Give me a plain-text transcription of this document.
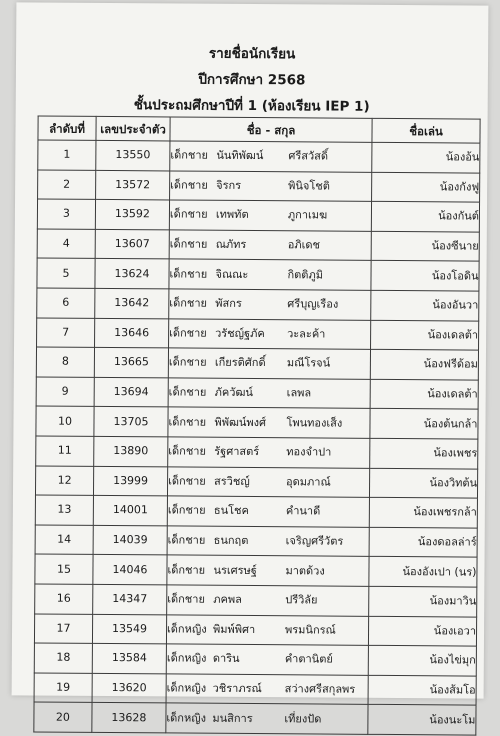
รายชื่อนักเรียน
ปีการศึกษา 2568
ชั้นประถมศึกษาปีที่ 1 (ห้องเรียน IEP 1)
ลำดับที่	เลขประจำตัว	ชื่อ - สกุล	ชื่อเล่น
1	13550	เด็กชาย นันทิพัฒน์ ศรีสวัสดิ์	น้องอ้น
2	13572	เด็กชาย จิรกร พินิจโชติ	น้องกังฟู
3	13592	เด็กชาย เทพทัต ภูกาเมฆ	น้องกันต์
4	13607	เด็กชาย ณภัทร อภิเดช	น้องซีนาย
5	13624	เด็กชาย จิณณะ กิตติภูมิ	น้องโอดิน
6	13642	เด็กชาย พัสกร ศรีบุญเรือง	น้องอันวา
7	13646	เด็กชาย วรัชญ์ฐภัค วะละค้า	น้องเดลต้า
8	13665	เด็กชาย เกียรติศักดิ์ มณีโรจน์	น้องฟรีด้อม
9	13694	เด็กชาย ภัควัฒน์ เลพล	น้องเดลต้า
10	13705	เด็กชาย พิพัฒน์พงศ์ โพนทองเส็ง	น้องต้นกล้า
11	13890	เด็กชาย รัฐศาสตร์ ทองจำปา	น้องเพชร
12	13999	เด็กชาย สรวิชญ์ อุดมภาณ์	น้องวิทต้น
13	14001	เด็กชาย ธนโชค คำนาดี	น้องเพชรกล้า
14	14039	เด็กชาย ธนกฤต เจริญศรีวัตร	น้องดอลล่าร์
15	14046	เด็กชาย นรเศรษฐ์ มาตด้วง	น้องอังเปา (นร)
16	14347	เด็กชาย ภคพล ปรีวิลัย	น้องมาวิน
17	13549	เด็กหญิง พิมพ์พิศา พรมนิกรณ์	น้องเอวา
18	13584	เด็กหญิง ดาริน คำตานิตย์	น้องไข่มุก
19	13620	เด็กหญิง วชิราภรณ์ สว่างศรีสกุลพร	น้องส้มโอ
20	13628	เด็กหญิง มนสิการ เที่ยงปัด	น้องนะโม
